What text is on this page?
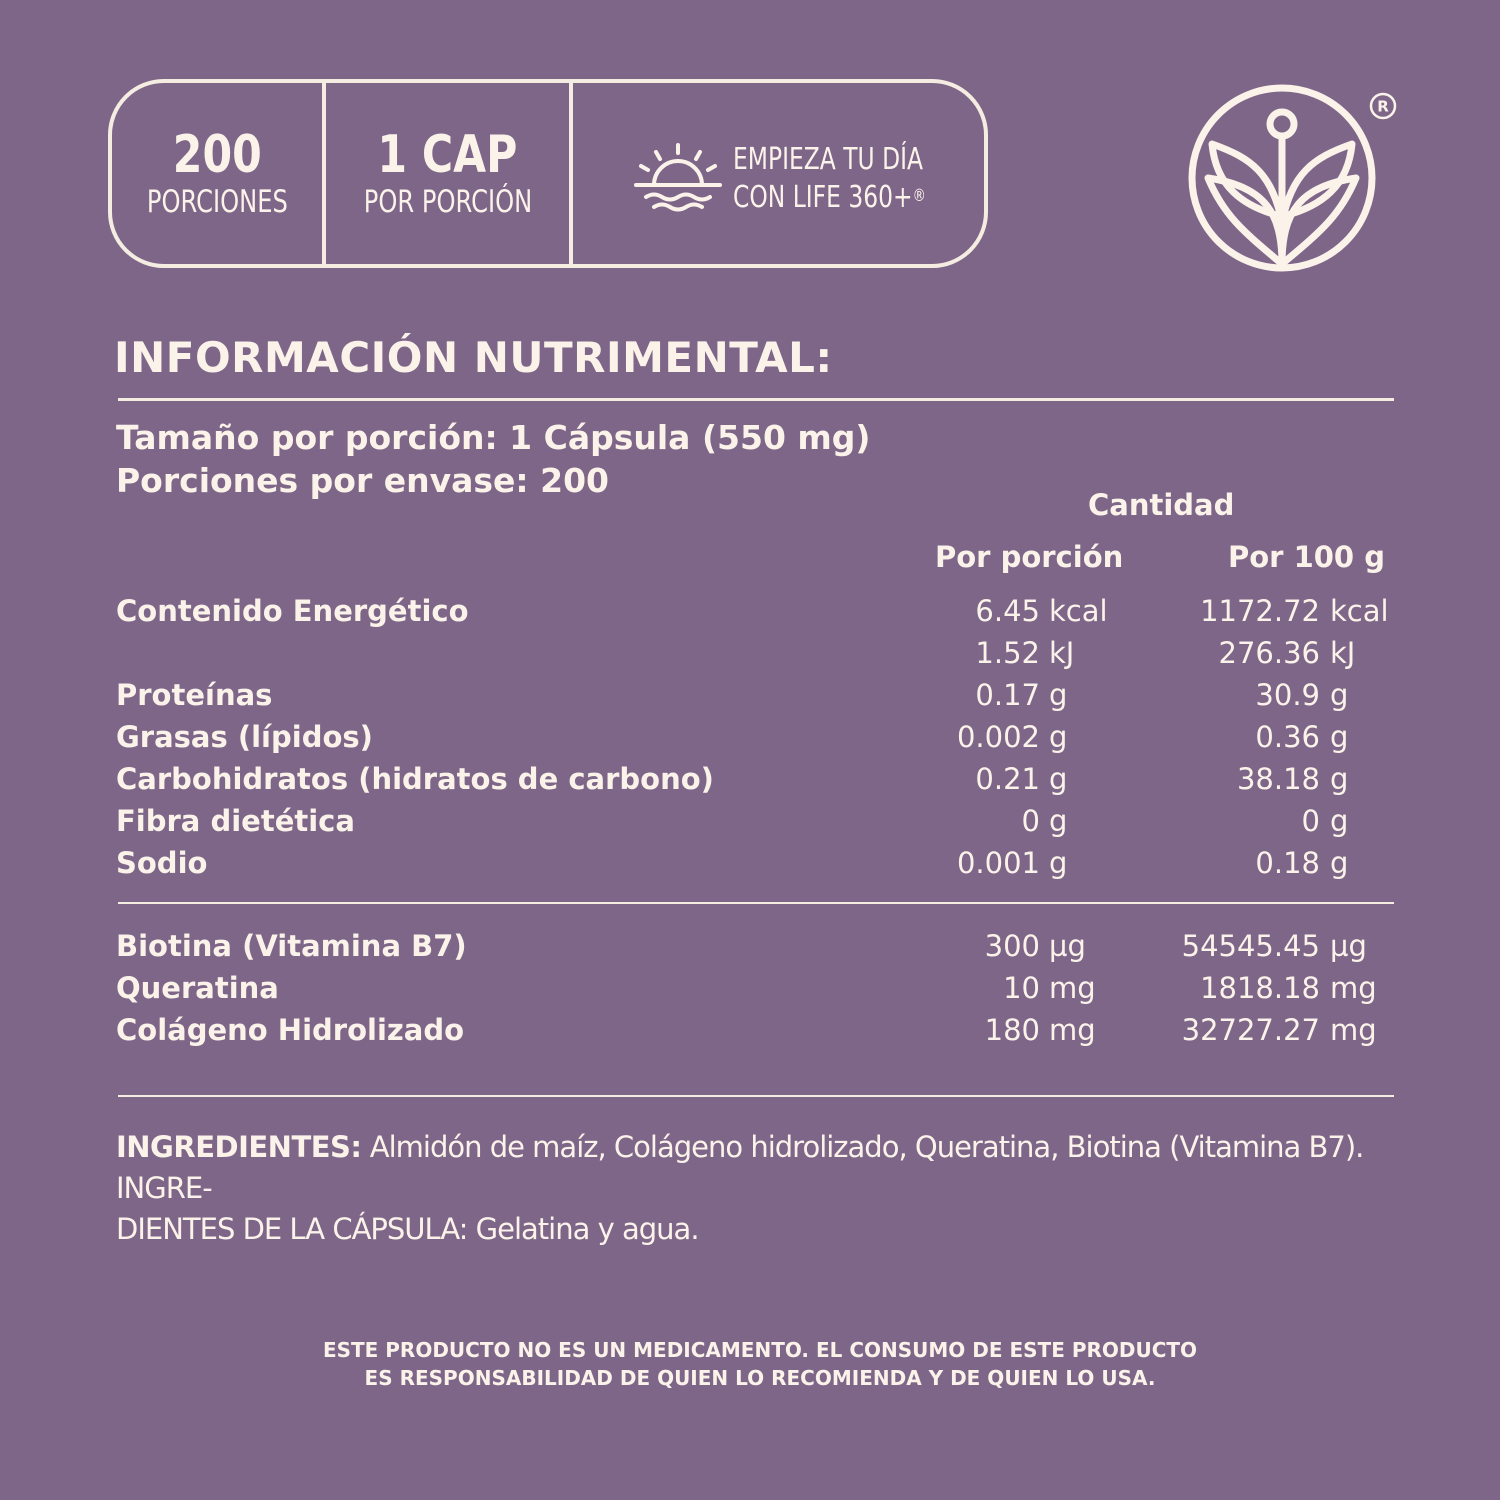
200
PORCIONES
1 CAP
POR PORCIÓN
EMPIEZA TU DÍA
CON LIFE 360+®
R
INFORMACIÓN NUTRIMENTAL:
Tamaño por porción: 1 Cápsula (550 mg)
Porciones por envase: 200
Cantidad
Por porción	Por 100 g
Contenido Energético	6.45 kcal	1172.72 kcal
1.52 kJ	276.36 kJ
Proteínas	0.17 g	30.9 g
Grasas (lípidos)	0.002 g	0.36 g
Carbohidratos (hidratos de carbono)	0.21 g	38.18 g
Fibra dietética	0 g	0 g
Sodio	0.001 g	0.18 g
Biotina (Vitamina B7)	300 µg	54545.45 µg
Queratina	10 mg	1818.18 mg
Colágeno Hidrolizado	180 mg	32727.27 mg
INGREDIENTES: Almidón de maíz, Colágeno hidrolizado, Queratina, Biotina (Vitamina B7). INGRE-
DIENTES DE LA CÁPSULA: Gelatina y agua.
ESTE PRODUCTO NO ES UN MEDICAMENTO. EL CONSUMO DE ESTE PRODUCTO
ES RESPONSABILIDAD DE QUIEN LO RECOMIENDA Y DE QUIEN LO USA.
